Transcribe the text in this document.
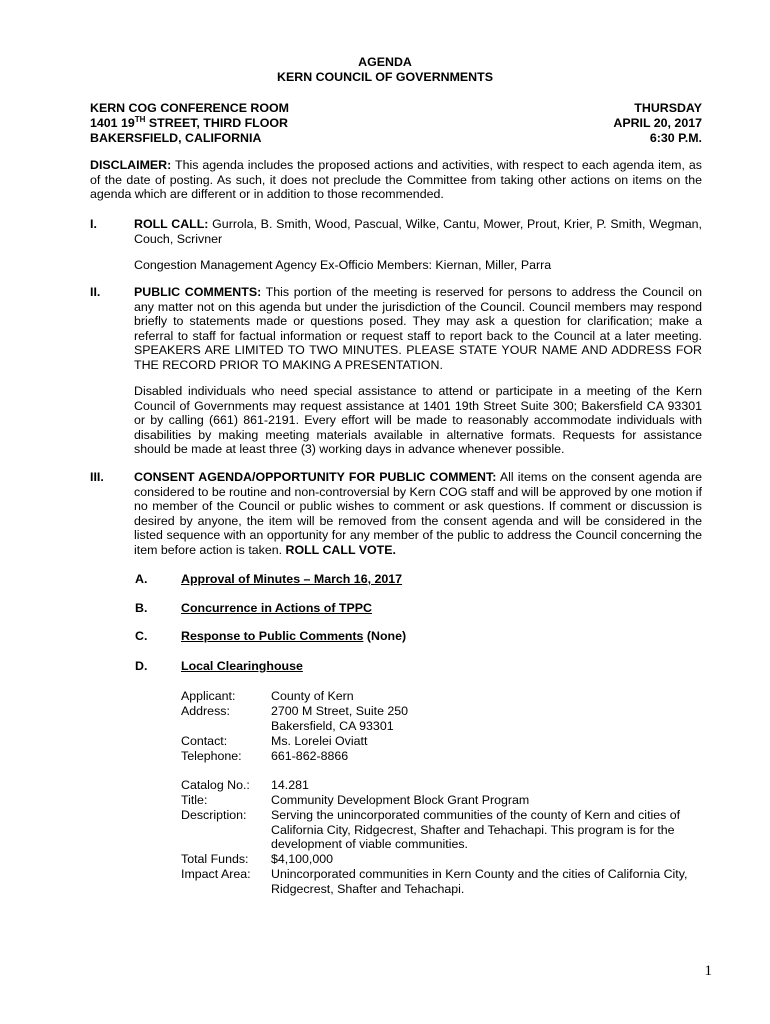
AGENDA
KERN COUNCIL OF GOVERNMENTS
KERN COG CONFERENCE ROOM
1401 19TH STREET, THIRD FLOOR
BAKERSFIELD, CALIFORNIA
THURSDAY
APRIL 20, 2017
6:30 P.M.
DISCLAIMER: This agenda includes the proposed actions and activities, with respect to each agenda item, as of the date of posting. As such, it does not preclude the Committee from taking other actions on items on the agenda which are different or in addition to those recommended.
I.	ROLL CALL: Gurrola, B. Smith, Wood, Pascual, Wilke, Cantu, Mower, Prout, Krier, P. Smith, Wegman, Couch, Scrivner
Congestion Management Agency Ex-Officio Members: Kiernan, Miller, Parra
II.	PUBLIC COMMENTS: This portion of the meeting is reserved for persons to address the Council on any matter not on this agenda but under the jurisdiction of the Council. Council members may respond briefly to statements made or questions posed. They may ask a question for clarification; make a referral to staff for factual information or request staff to report back to the Council at a later meeting. SPEAKERS ARE LIMITED TO TWO MINUTES. PLEASE STATE YOUR NAME AND ADDRESS FOR THE RECORD PRIOR TO MAKING A PRESENTATION.
Disabled individuals who need special assistance to attend or participate in a meeting of the Kern Council of Governments may request assistance at 1401 19th Street Suite 300; Bakersfield CA 93301 or by calling (661) 861-2191. Every effort will be made to reasonably accommodate individuals with disabilities by making meeting materials available in alternative formats. Requests for assistance should be made at least three (3) working days in advance whenever possible.
III. CONSENT AGENDA/OPPORTUNITY FOR PUBLIC COMMENT: All items on the consent agenda are considered to be routine and non-controversial by Kern COG staff and will be approved by one motion if no member of the Council or public wishes to comment or ask questions. If comment or discussion is desired by anyone, the item will be removed from the consent agenda and will be considered in the listed sequence with an opportunity for any member of the public to address the Council concerning the item before action is taken. ROLL CALL VOTE.
A.	Approval of Minutes – March 16, 2017
B.	Concurrence in Actions of TPPC
C.	Response to Public Comments (None)
D.	Local Clearinghouse
Applicant:	County of Kern
Address:	2700 M Street, Suite 250
Bakersfield, CA 93301
Contact:	Ms. Lorelei Oviatt
Telephone:	661-862-8866
Catalog No.:	14.281
Title:	Community Development Block Grant Program
Description:	Serving the unincorporated communities of the county of Kern and cities of California City, Ridgecrest, Shafter and Tehachapi. This program is for the development of viable communities.
Total Funds:	$4,100,000
Impact Area:	Unincorporated communities in Kern County and the cities of California City, Ridgecrest, Shafter and Tehachapi.
1
